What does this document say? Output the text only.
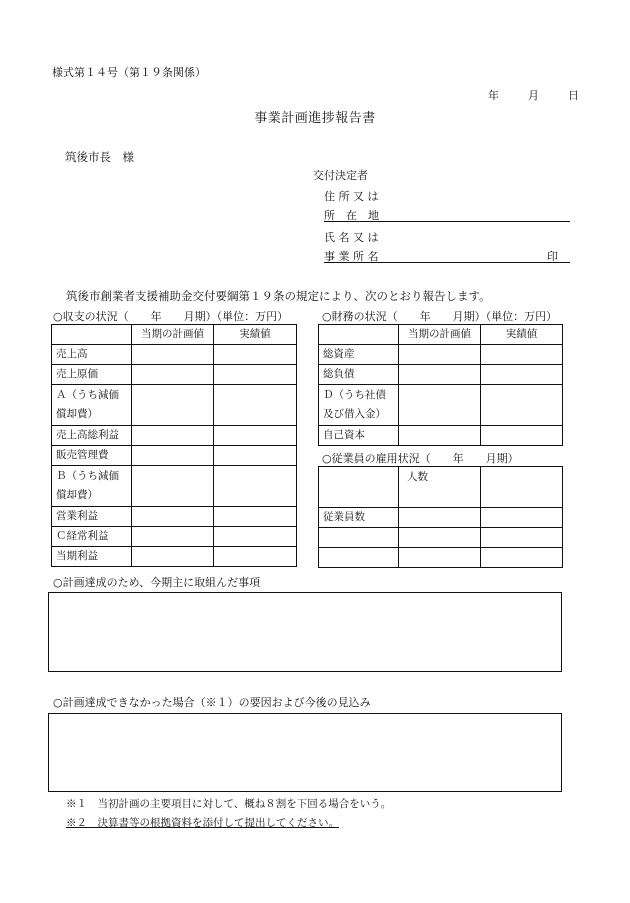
様式第１４号（第１９条関係）
年	月	日
事業計画進捗報告書
筑後市長　様
交付決定者
住 所 又 は
所　在　地
氏 名 又 は
事 業 所 名	印
筑後市創業者支援補助金交付要綱第１９条の規定により、次のとおり報告します。
○収支の状況（　　年　　月期）（単位：万円）
	当期の計画値	実績値
売上高		
売上原価		
Ａ（うち減価償却費）		
売上高総利益		
販売管理費		
Ｂ（うち減価償却費）		
営業利益		
Ｃ経常利益		
当期利益		
○財務の状況（　　年　　月期）（単位：万円）
	当期の計画値	実績値
総資産		
総負債		
Ｄ（うち社債及び借入金）		
自己資本		
○従業員の雇用状況（　　年　　月期）
	人数	
従業員数		

○計画達成のため、今期主に取組んだ事項
○計画達成できなかった場合（※１）の要因および今後の見込み
※１　当初計画の主要項目に対して、概ね８割を下回る場合をいう。
※２　決算書等の根拠資料を添付して提出してください。
